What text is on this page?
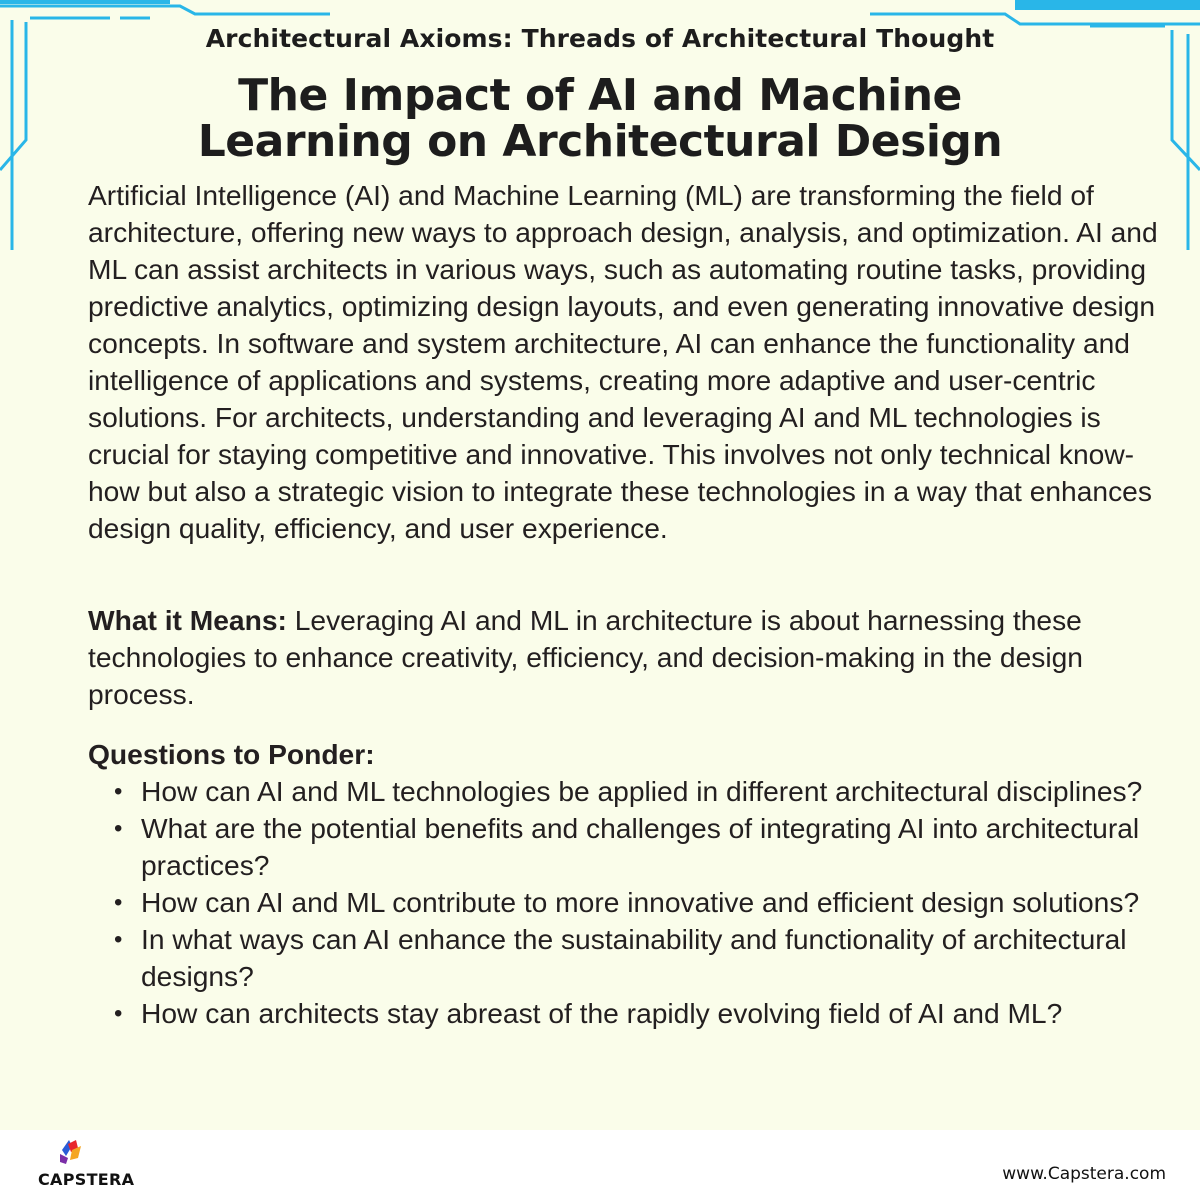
Architectural Axioms: Threads of Architectural Thought
The Impact of AI and Machine
Learning on Architectural Design

Artificial Intelligence (AI) and Machine Learning (ML) are transforming the field of architecture, offering new ways to approach design, analysis, and optimization. AI and ML can assist architects in various ways, such as automating routine tasks, providing predictive analytics, optimizing design layouts, and even generating innovative design concepts. In software and system architecture, AI can enhance the functionality and intelligence of applications and systems, creating more adaptive and user-centric solutions. For architects, understanding and leveraging AI and ML technologies is crucial for staying competitive and innovative. This involves not only technical know-how but also a strategic vision to integrate these technologies in a way that enhances design quality, efficiency, and user experience.

What it Means: Leveraging AI and ML in architecture is about harnessing these technologies to enhance creativity, efficiency, and decision-making in the design process.

Questions to Ponder:
• How can AI and ML technologies be applied in different architectural disciplines?
• What are the potential benefits and challenges of integrating AI into architectural practices?
• How can AI and ML contribute to more innovative and efficient design solutions?
• In what ways can AI enhance the sustainability and functionality of architectural designs?
• How can architects stay abreast of the rapidly evolving field of AI and ML?
CAPSTERA	www.Capstera.com
